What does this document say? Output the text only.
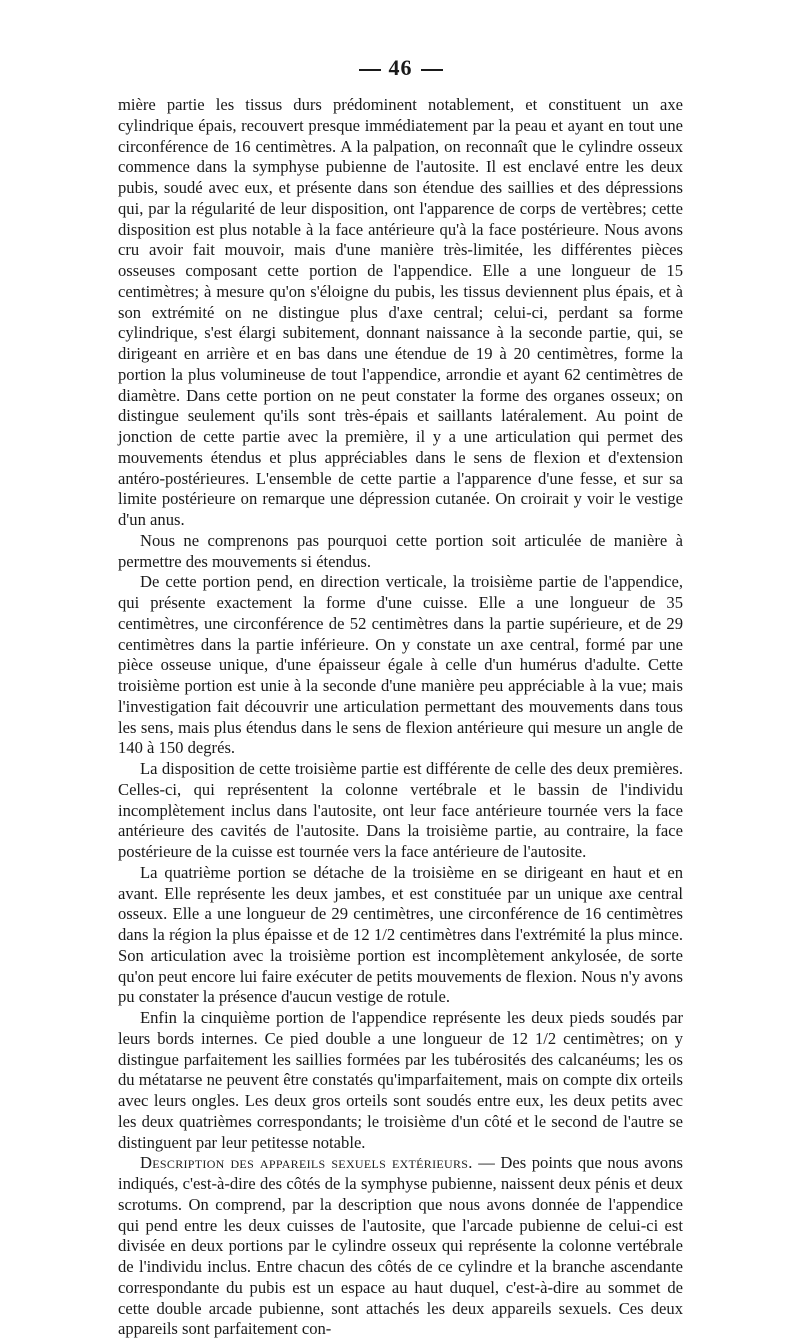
46

mière partie les tissus durs prédominent notablement, et constituent un axe cylindrique épais, recouvert presque immédiatement par la peau et ayant en tout une circonférence de 16 centimètres. A la palpation, on reconnaît que le cylindre osseux commence dans la symphyse pubienne de l'autosite. Il est enclavé entre les deux pubis, soudé avec eux, et présente dans son étendue des saillies et des dépressions qui, par la régularité de leur disposition, ont l'apparence de corps de vertèbres; cette disposition est plus notable à la face antérieure qu'à la face postérieure. Nous avons cru avoir fait mouvoir, mais d'une manière très-limitée, les différentes pièces osseuses composant cette portion de l'appendice. Elle a une longueur de 15 centimètres; à mesure qu'on s'éloigne du pubis, les tissus deviennent plus épais, et à son extrémité on ne distingue plus d'axe central; celui-ci, perdant sa forme cylindrique, s'est élargi subitement, donnant naissance à la seconde partie, qui, se dirigeant en arrière et en bas dans une étendue de 19 à 20 centimètres, forme la portion la plus volumineuse de tout l'appendice, arrondie et ayant 62 centimètres de diamètre. Dans cette portion on ne peut constater la forme des organes osseux; on distingue seulement qu'ils sont très-épais et saillants latéralement. Au point de jonction de cette partie avec la première, il y a une articulation qui permet des mouvements étendus et plus appréciables dans le sens de flexion et d'extension antéro-postérieures. L'ensemble de cette partie a l'apparence d'une fesse, et sur sa limite postérieure on remarque une dépression cutanée. On croirait y voir le vestige d'un anus.

Nous ne comprenons pas pourquoi cette portion soit articulée de manière à permettre des mouvements si étendus.

De cette portion pend, en direction verticale, la troisième partie de l'appendice, qui présente exactement la forme d'une cuisse. Elle a une longueur de 35 centimètres, une circonférence de 52 centimètres dans la partie supérieure, et de 29 centimètres dans la partie inférieure. On y constate un axe central, formé par une pièce osseuse unique, d'une épaisseur égale à celle d'un humérus d'adulte. Cette troisième portion est unie à la seconde d'une manière peu appréciable à la vue; mais l'investigation fait découvrir une articulation permettant des mouvements dans tous les sens, mais plus étendus dans le sens de flexion antérieure qui mesure un angle de 140 à 150 degrés.

La disposition de cette troisième partie est différente de celle des deux premières. Celles-ci, qui représentent la colonne vertébrale et le bassin de l'individu incomplètement inclus dans l'autosite, ont leur face antérieure tournée vers la face antérieure des cavités de l'autosite. Dans la troisième partie, au contraire, la face postérieure de la cuisse est tournée vers la face antérieure de l'autosite.

La quatrième portion se détache de la troisième en se dirigeant en haut et en avant. Elle représente les deux jambes, et est constituée par un unique axe central osseux. Elle a une longueur de 29 centimètres, une circonférence de 16 centimètres dans la région la plus épaisse et de 12 1/2 centimètres dans l'extrémité la plus mince. Son articulation avec la troisième portion est incomplètement ankylosée, de sorte qu'on peut encore lui faire exécuter de petits mouvements de flexion. Nous n'y avons pu constater la présence d'aucun vestige de rotule.

Enfin la cinquième portion de l'appendice représente les deux pieds soudés par leurs bords internes. Ce pied double a une longueur de 12 1/2 centimètres; on y distingue parfaitement les saillies formées par les tubérosités des calcanéums; les os du métatarse ne peuvent être constatés qu'imparfaitement, mais on compte dix orteils avec leurs ongles. Les deux gros orteils sont soudés entre eux, les deux petits avec les deux quatrièmes correspondants; le troisième d'un côté et le second de l'autre se distinguent par leur petitesse notable.

Description des appareils sexuels extérieurs. — Des points que nous avons indiqués, c'est-à-dire des côtés de la symphyse pubienne, naissent deux pénis et deux scrotums. On comprend, par la description que nous avons donnée de l'appendice qui pend entre les deux cuisses de l'autosite, que l'arcade pubienne de celui-ci est divisée en deux portions par le cylindre osseux qui représente la colonne vertébrale de l'individu inclus. Entre chacun des côtés de ce cylindre et la branche ascendante correspondante du pubis est un espace au haut duquel, c'est-à-dire au sommet de cette double arcade pubienne, sont attachés les deux appareils sexuels. Ces deux appareils sont parfaitement con-
